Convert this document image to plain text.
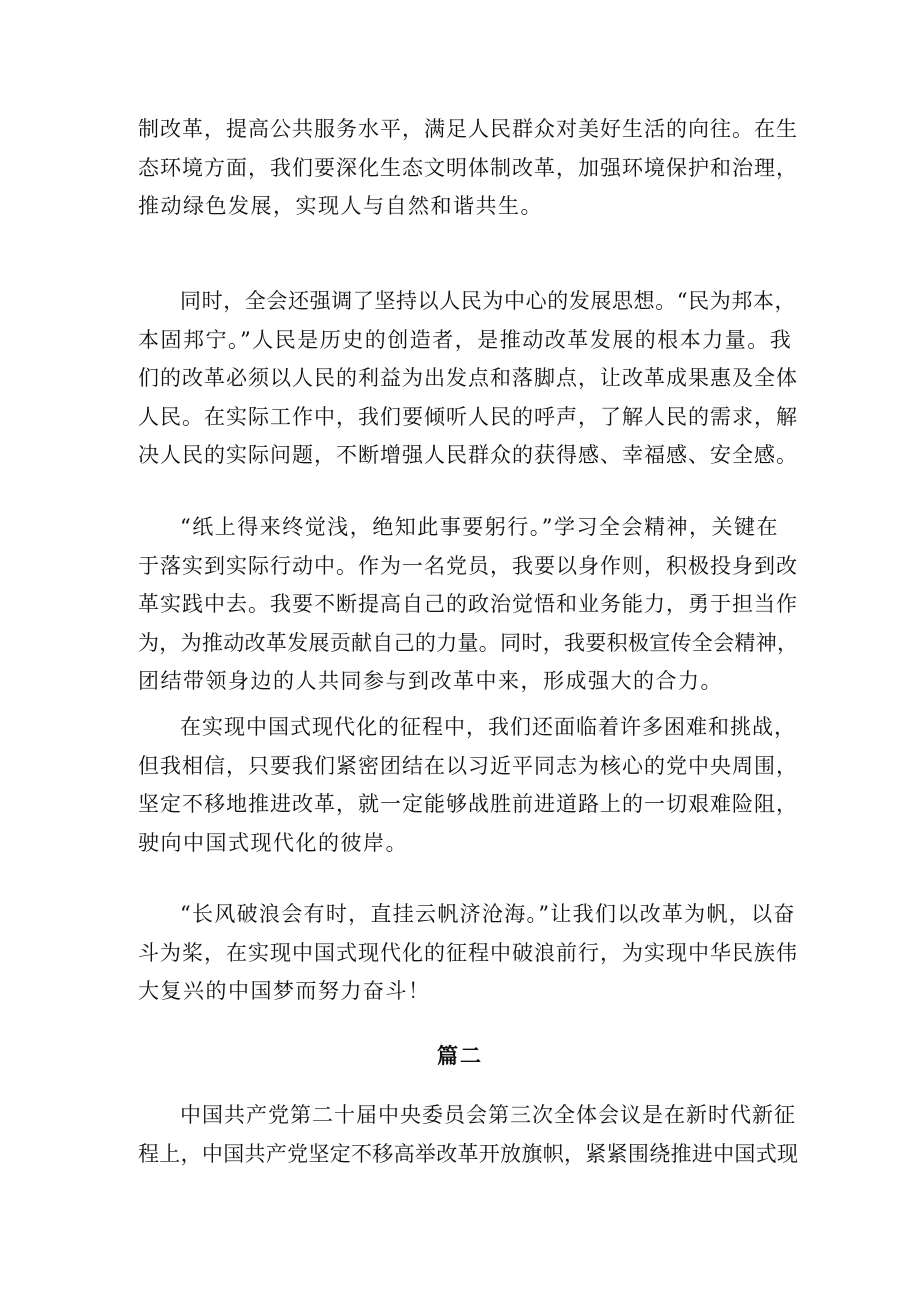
制改革，提高公共服务水平，满足人民群众对美好生活的向往。在生
态环境方面，我们要深化生态文明体制改革，加强环境保护和治理，
推动绿色发展，实现人与自然和谐共生。

同时，全会还强调了坚持以人民为中心的发展思想。“民为邦本，
本固邦宁。”人民是历史的创造者，是推动改革发展的根本力量。我
们的改革必须以人民的利益为出发点和落脚点，让改革成果惠及全体
人民。在实际工作中，我们要倾听人民的呼声，了解人民的需求，解
决人民的实际问题，不断增强人民群众的获得感、幸福感、安全感。

“纸上得来终觉浅，绝知此事要躬行。”学习全会精神，关键在
于落实到实际行动中。作为一名党员，我要以身作则，积极投身到改
革实践中去。我要不断提高自己的政治觉悟和业务能力，勇于担当作
为，为推动改革发展贡献自己的力量。同时，我要积极宣传全会精神，
团结带领身边的人共同参与到改革中来，形成强大的合力。

在实现中国式现代化的征程中，我们还面临着许多困难和挑战，
但我相信，只要我们紧密团结在以习近平同志为核心的党中央周围，
坚定不移地推进改革，就一定能够战胜前进道路上的一切艰难险阻，
驶向中国式现代化的彼岸。

“长风破浪会有时，直挂云帆济沧海。”让我们以改革为帆，以奋
斗为桨，在实现中国式现代化的征程中破浪前行，为实现中华民族伟
大复兴的中国梦而努力奋斗！

篇二

中国共产党第二十届中央委员会第三次全体会议是在新时代新征
程上，中国共产党坚定不移高举改革开放旗帜，紧紧围绕推进中国式现
